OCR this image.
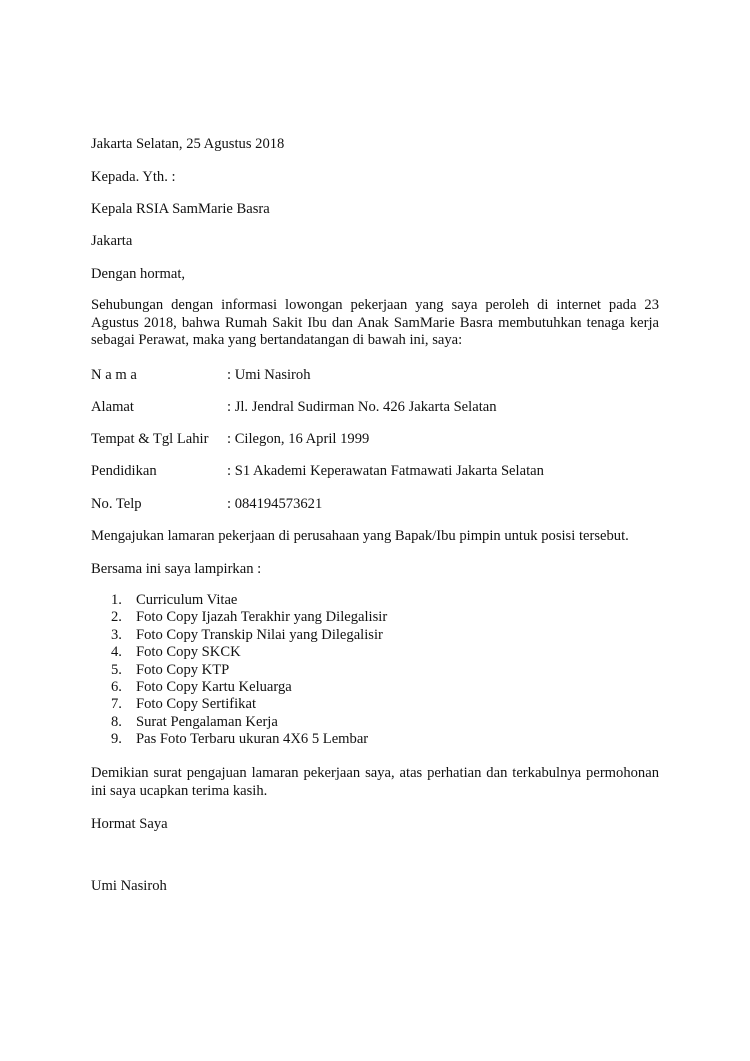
Jakarta Selatan, 25 Agustus 2018
Kepada. Yth. :
Kepala RSIA SamMarie Basra
Jakarta
Dengan hormat,
Sehubungan dengan informasi lowongan pekerjaan yang saya peroleh di internet pada 23 Agustus 2018, bahwa Rumah Sakit Ibu dan Anak SamMarie Basra membutuhkan tenaga kerja sebagai Perawat, maka yang bertandatangan di bawah ini, saya:
N a m a	: Umi Nasiroh
Alamat	: Jl. Jendral Sudirman No. 426 Jakarta Selatan
Tempat & Tgl Lahir : Cilegon, 16 April 1999
Pendidikan	: S1 Akademi Keperawatan Fatmawati Jakarta Selatan
No. Telp	: 084194573621
Mengajukan lamaran pekerjaan di perusahaan yang Bapak/Ibu pimpin untuk posisi tersebut.
Bersama ini saya lampirkan :
1. Curriculum Vitae
2. Foto Copy Ijazah Terakhir yang Dilegalisir
3. Foto Copy Transkip Nilai yang Dilegalisir
4. Foto Copy SKCK
5. Foto Copy KTP
6. Foto Copy Kartu Keluarga
7. Foto Copy Sertifikat
8. Surat Pengalaman Kerja
9. Pas Foto Terbaru ukuran 4X6 5 Lembar
Demikian surat pengajuan lamaran pekerjaan saya, atas perhatian dan terkabulnya permohonan ini saya ucapkan terima kasih.
Hormat Saya
Umi Nasiroh
